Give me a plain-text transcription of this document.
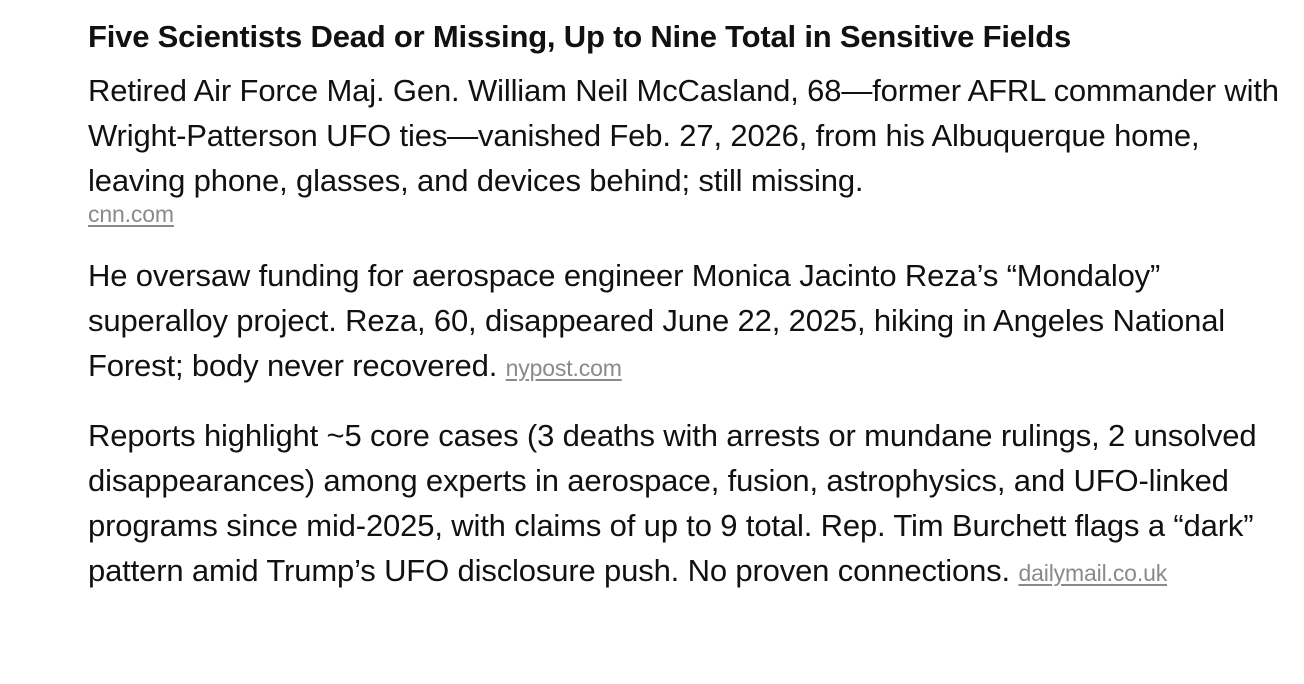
Five Scientists Dead or Missing, Up to Nine Total in Sensitive Fields

Retired Air Force Maj. Gen. William Neil McCasland, 68—former AFRL commander with Wright-Patterson UFO ties—vanished Feb. 27, 2026, from his Albuquerque home, leaving phone, glasses, and devices behind; still missing.
cnn.com

He oversaw funding for aerospace engineer Monica Jacinto Reza’s “Mondaloy” superalloy project. Reza, 60, disappeared June 22, 2025, hiking in Angeles National Forest; body never recovered. nypost.com

Reports highlight ~5 core cases (3 deaths with arrests or mundane rulings, 2 unsolved disappearances) among experts in aerospace, fusion, astrophysics, and UFO-linked programs since mid-2025, with claims of up to 9 total. Rep. Tim Burchett flags a “dark” pattern amid Trump’s UFO disclosure push. No proven connections. dailymail.co.uk
